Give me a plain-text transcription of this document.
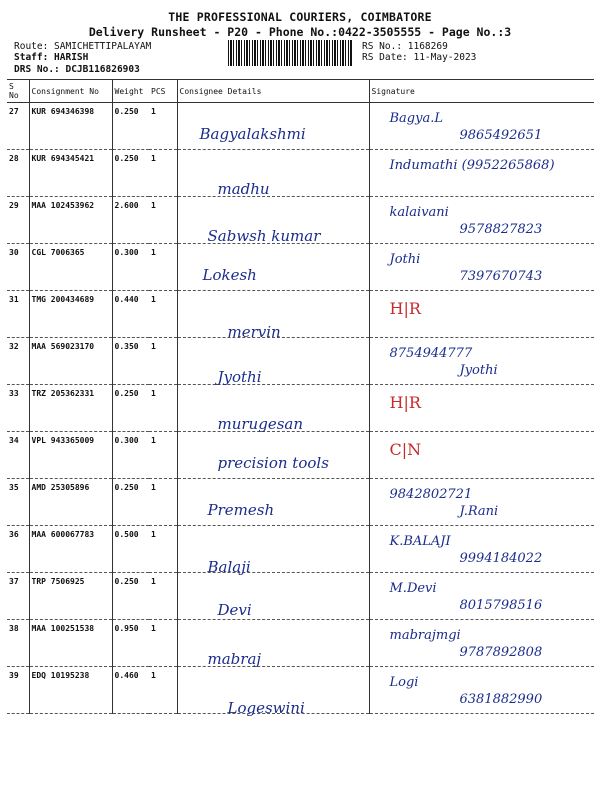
THE PROFESSIONAL COURIERS, COIMBATORE
Delivery Runsheet - P20 - Phone No.:0422-3505555 - Page No.:3
Route: SAMICHETTIPALAYAM
Staff: HARISH
DRS No.: DCJB116826903
RS No.: 1168269
RS Date: 11-May-2023
S No	Consignment No	Weight	PCS	Consignee Details	Signature

27	KUR 694346398	0.250	1	Bagyalakshmi	Bagya.L
9865492651

28	KUR 694345421	0.250	1	madhu	Indumathi (9952265868)

29	MAA 102453962	2.600	1	Sabwsh kumar	kalaivani
9578827823

30	CGL 7006365	0.300	1	Lokesh	Jothi
7397670743

31	TMG 200434689	0.440	1	mervin	H|R

32	MAA 569023170	0.350	1	Jyothi	8754944777
Jyothi

33	TRZ 205362331	0.250	1	murugesan	H|R

34	VPL 943365009	0.300	1	precision tools	C|N

35	AMD 25305896	0.250	1	Premesh	9842802721
J.Rani

36	MAA 600067783	0.500	1	Balaji	K.BALAJI
9994184022

37	TRP 7506925	0.250	1	Devi	M.Devi
8015798516

38	MAA 100251538	0.950	1	mabraj	mabrajmgi
9787892808

39	EDQ 10195238	0.460	1	Logeswini	Logi
6381882990
